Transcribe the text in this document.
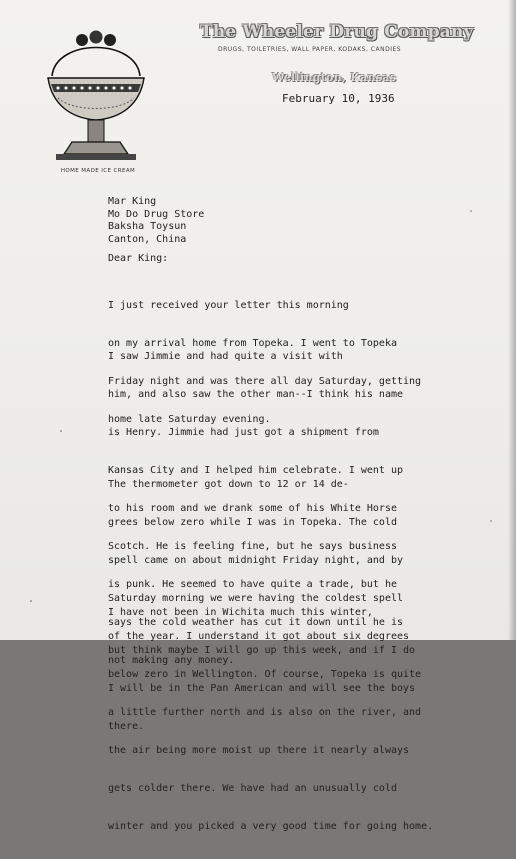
HOME MADE ICE CREAM
The Wheeler Drug Company
DRUGS, TOILETRIES, WALL PAPER, KODAKS, CANDIES
Wellington, Kansas
February 10, 1936
Mar King
Mo Do Drug Store
Baksha Toysun
Canton, China
Dear King:

I just received your letter this morning

on my arrival home from Topeka. I went to Topeka

Friday night and was there all day Saturday, getting

home late Saturday evening.

I saw Jimmie and had quite a visit with

him, and also saw the other man--I think his name

is Henry. Jimmie had just got a shipment from

Kansas City and I helped him celebrate. I went up

to his room and we drank some of his White Horse

Scotch. He is feeling fine, but he says business

is punk. He seemed to have quite a trade, but he

says the cold weather has cut it down until he is

not making any money.

The thermometer got down to 12 or 14 de-

grees below zero while I was in Topeka. The cold

spell came on about midnight Friday night, and by

Saturday morning we were having the coldest spell

of the year. I understand it got about six degrees

below zero in Wellington. Of course, Topeka is quite

a little further north and is also on the river, and

the air being more moist up there it nearly always

gets colder there. We have had an unusually cold

winter and you picked a very good time for going home.

I have not been in Wichita much this winter,

but think maybe I will go up this week, and if I do

I will be in the Pan American and will see the boys

there.
